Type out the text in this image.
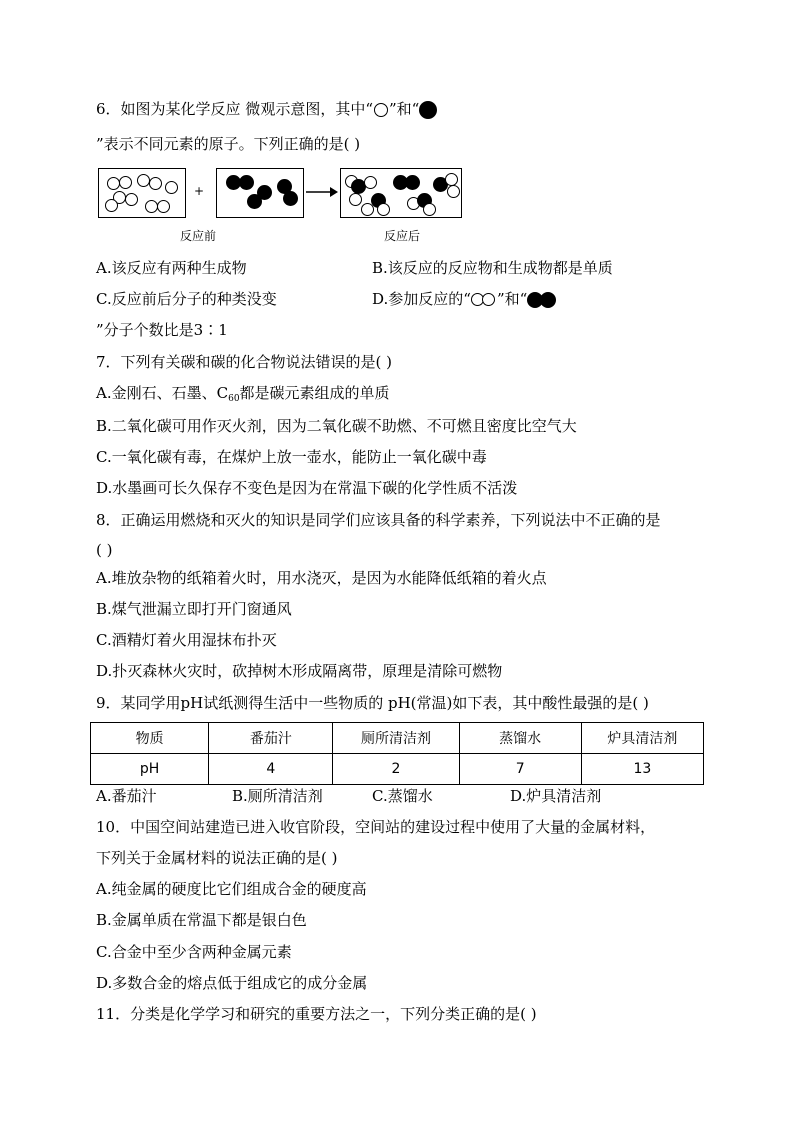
6．如图为某化学反应 微观示意图，其中“ ”和“
”表示不同元素的原子。下列正确的是( )
+
反应前	反应后
A.该反应有两种生成物	B.该反应的反应物和生成物都是单质
C.反应前后分子的种类没变	D.参加反应的“ ”和“
”分子个数比是3∶1
7．下列有关碳和碳的化合物说法错误的是( )
A.金刚石、石墨、$C_{60}$都是碳元素组成的单质
B.二氧化碳可用作灭火剂，因为二氧化碳不助燃、不可燃且密度比空气大
C.一氧化碳有毒，在煤炉上放一壶水，能防止一氧化碳中毒
D.水墨画可长久保存不变色是因为在常温下碳的化学性质不活泼
8．正确运用燃烧和灭火的知识是同学们应该具备的科学素养，下列说法中不正确的是
( )
A.堆放杂物的纸箱着火时，用水浇灭，是因为水能降低纸箱的着火点
B.煤气泄漏立即打开门窗通风
C.酒精灯着火用湿抹布扑灭
D.扑灭森林火灾时，砍掉树木形成隔离带，原理是清除可燃物
9．某同学用pH试纸测得生活中一些物质的 pH(常温)如下表，其中酸性最强的是( )
物质	番茄汁	厕所清洁剂	蒸馏水	炉具清洁剂
pH	4	2	7	13
A.番茄汁	B.厕所清洁剂	C.蒸馏水	D.炉具清洁剂
10．中国空间站建造已进入收官阶段，空间站的建设过程中使用了大量的金属材料，
下列关于金属材料的说法正确的是( )
A.纯金属的硬度比它们组成合金的硬度高
B.金属单质在常温下都是银白色
C.合金中至少含两种金属元素
D.多数合金的熔点低于组成它的成分金属
11．分类是化学学习和研究的重要方法之一，下列分类正确的是( )
